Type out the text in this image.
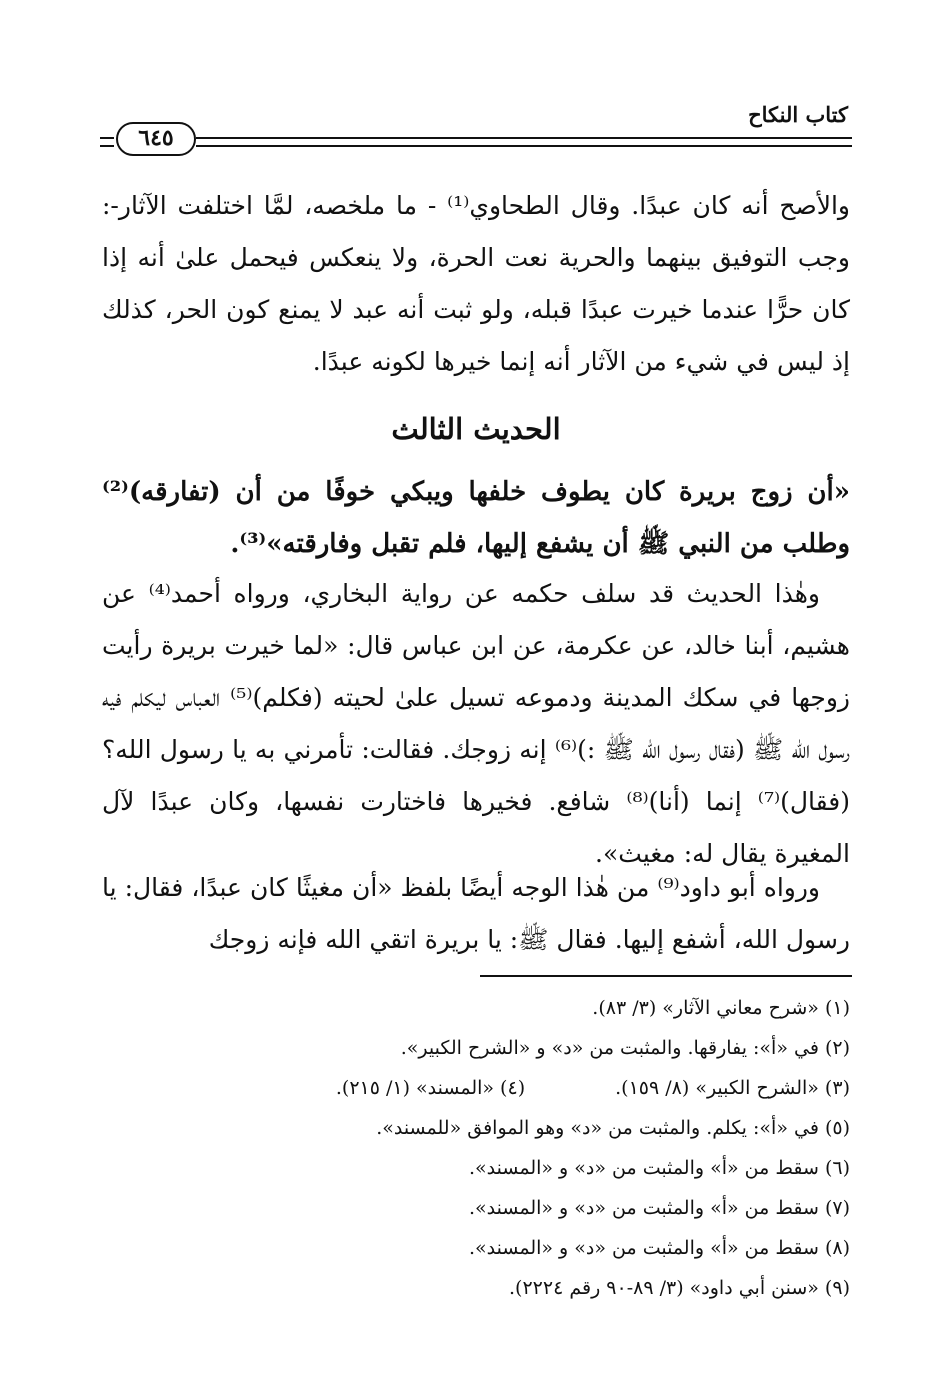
كتاب النكاح
٦٤٥

والأصح أنه كان عبدًا. وقال الطحاوي⁽¹⁾ - ما ملخصه، لمَّا اختلفت الآثار-: وجب التوفيق بينهما والحرية نعت الحرة، ولا ينعكس فيحمل علىٰ أنه إذا كان حرًّا عندما خيرت عبدًا قبله، ولو ثبت أنه عبد لا يمنع كون الحر، كذلك إذ ليس في شيء من الآثار أنه إنما خيرها لكونه عبدًا.

الحديث الثالث
«أن زوج بريرة كان يطوف خلفها ويبكي خوفًا من أن (تفارقه)⁽²⁾ وطلب من النبي ﷺ أن يشفع إليها، فلم تقبل وفارقته»⁽³⁾.

وهٰذا الحديث قد سلف حكمه عن رواية البخاري، ورواه أحمد⁽⁴⁾ عن هشيم، أبنا خالد، عن عكرمة، عن ابن عباس قال: «لما خيرت بريرة رأيت زوجها في سكك المدينة ودموعه تسيل علىٰ لحيته (فكلم)⁽⁵⁾ العباس ليكلم فيه رسول الله ﷺ (فقال رسول الله ﷺ :)⁽⁶⁾ إنه زوجك. فقالت: تأمرني به يا رسول الله؟ (فقال)⁽⁷⁾ إنما (أنا)⁽⁸⁾ شافع. فخيرها فاختارت نفسها، وكان عبدًا لآل المغيرة يقال له: مغيث».

ورواه أبو داود⁽⁹⁾ من هٰذا الوجه أيضًا بلفظ «أن مغيثًا كان عبدًا، فقال: يا رسول الله، أشفع إليها. فقال ﷺ: يا بريرة اتقي الله فإنه زوجك

(١) «شرح معاني الآثار» (٣/ ٨٣).

(٢) في «أ»: يفارقها. والمثبت من «د» و «الشرح الكبير».

(٣) «الشرح الكبير» (٨/ ١٥٩).
(٤) «المسند» (١/ ٢١٥).

(٥) في «أ»: يكلم. والمثبت من «د» وهو الموافق «للمسند».

(٦) سقط من «أ» والمثبت من «د» و «المسند».

(٧) سقط من «أ» والمثبت من «د» و «المسند».

(٨) سقط من «أ» والمثبت من «د» و «المسند».

(٩) «سنن أبي داود» (٣/ ٨٩-٩٠ رقم ٢٢٢٤).
